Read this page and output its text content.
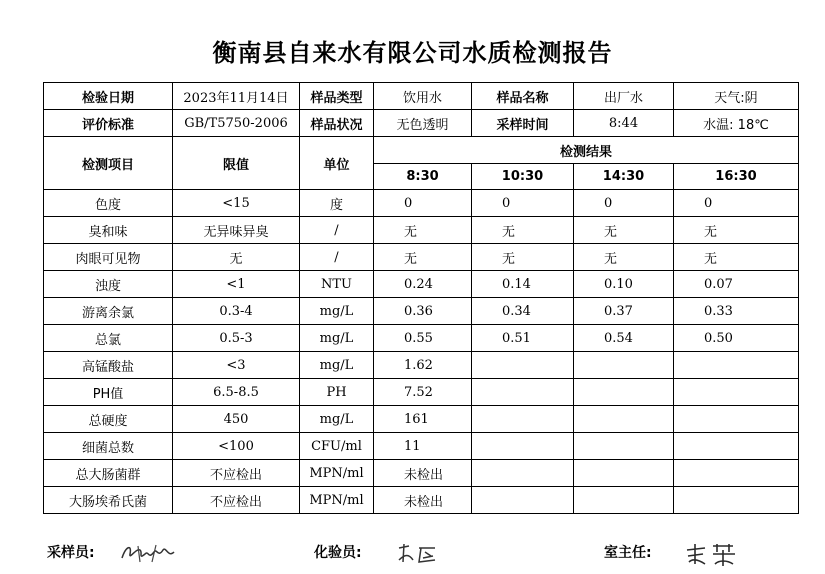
衡南县自来水有限公司水质检测报告
检验日期	2023年11月14日	样品类型	饮用水	样品名称	出厂水	天气:阴
评价标准	GB/T5750-2006	样品状况	无色透明	采样时间	8:44	水温: 18℃
检测项目	限值	单位	检测结果			
			8:30	10:30	14:30	16:30
色度	<15	度	0	0	0	0
臭和味	无异味异臭	/	无	无	无	无
肉眼可见物	无	/	无	无	无	无
浊度	<1	NTU	0.24	0.14	0.10	0.07
游离余氯	0.3-4	mg/L	0.36	0.34	0.37	0.33
总氯	0.5-3	mg/L	0.55	0.51	0.54	0.50
高锰酸盐	<3	mg/L	1.62			
PH值	6.5-8.5	PH	7.52			
总硬度	450	mg/L	161			
细菌总数	<100	CFU/ml	11			
总大肠菌群	不应检出	MPN/ml	未检出			
大肠埃希氏菌	不应检出	MPN/ml	未检出			
采样员:	化验员:	室主任:
